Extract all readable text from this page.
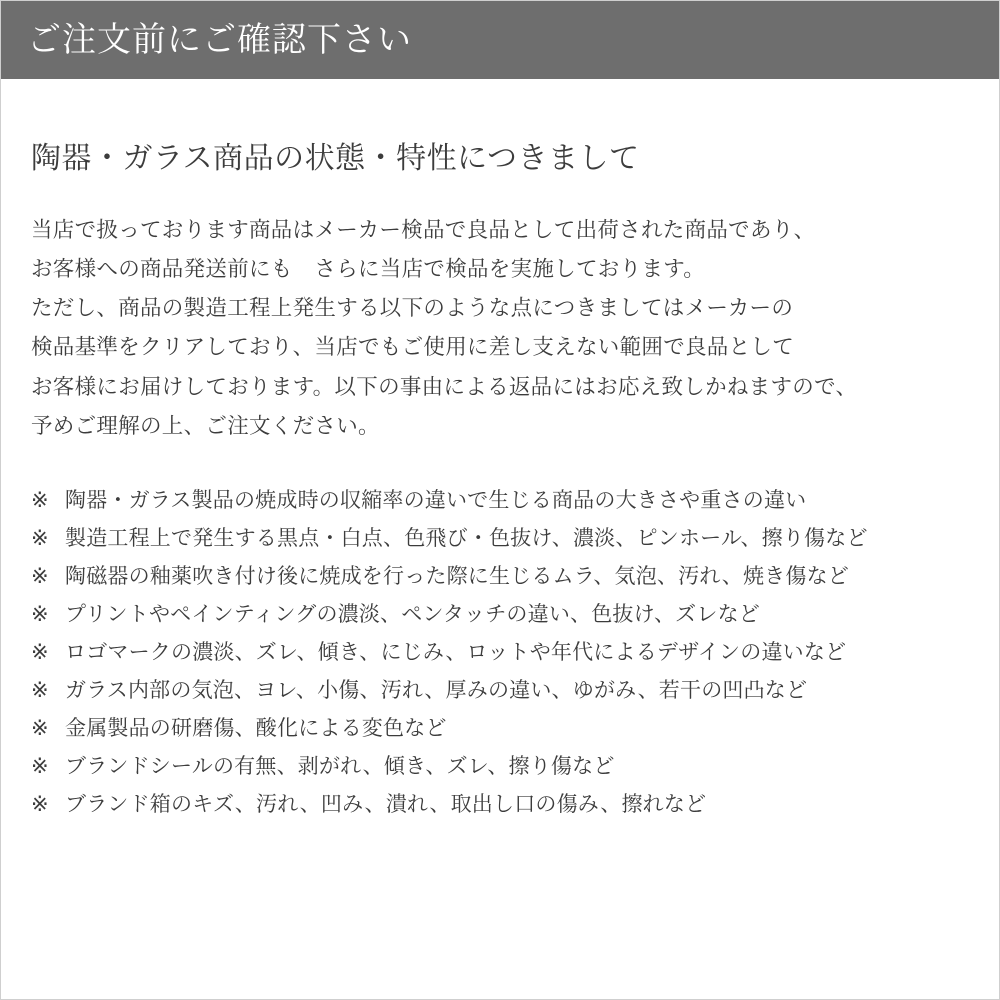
ご注文前にご確認下さい
陶器・ガラス商品の状態・特性につきまして
当店で扱っております商品はメーカー検品で良品として出荷された商品であり、
お客様への商品発送前にも　さらに当店で検品を実施しております。
ただし、商品の製造工程上発生する以下のような点につきましてはメーカーの
検品基準をクリアしており、当店でもご使用に差し支えない範囲で良品として
お客様にお届けしております。以下の事由による返品にはお応え致しかねますので、
予めご理解の上、ご注文ください。
※ 陶器・ガラス製品の焼成時の収縮率の違いで生じる商品の大きさや重さの違い
※ 製造工程上で発生する黒点・白点、色飛び・色抜け、濃淡、ピンホール、擦り傷など
※ 陶磁器の釉薬吹き付け後に焼成を行った際に生じるムラ、気泡、汚れ、焼き傷など
※ プリントやペインティングの濃淡、ペンタッチの違い、色抜け、ズレなど
※ ロゴマークの濃淡、ズレ、傾き、にじみ、ロットや年代によるデザインの違いなど
※ ガラス内部の気泡、ヨレ、小傷、汚れ、厚みの違い、ゆがみ、若干の凹凸など
※ 金属製品の研磨傷、酸化による変色など
※ ブランドシールの有無、剥がれ、傾き、ズレ、擦り傷など
※ ブランド箱のキズ、汚れ、凹み、潰れ、取出し口の傷み、擦れなど
